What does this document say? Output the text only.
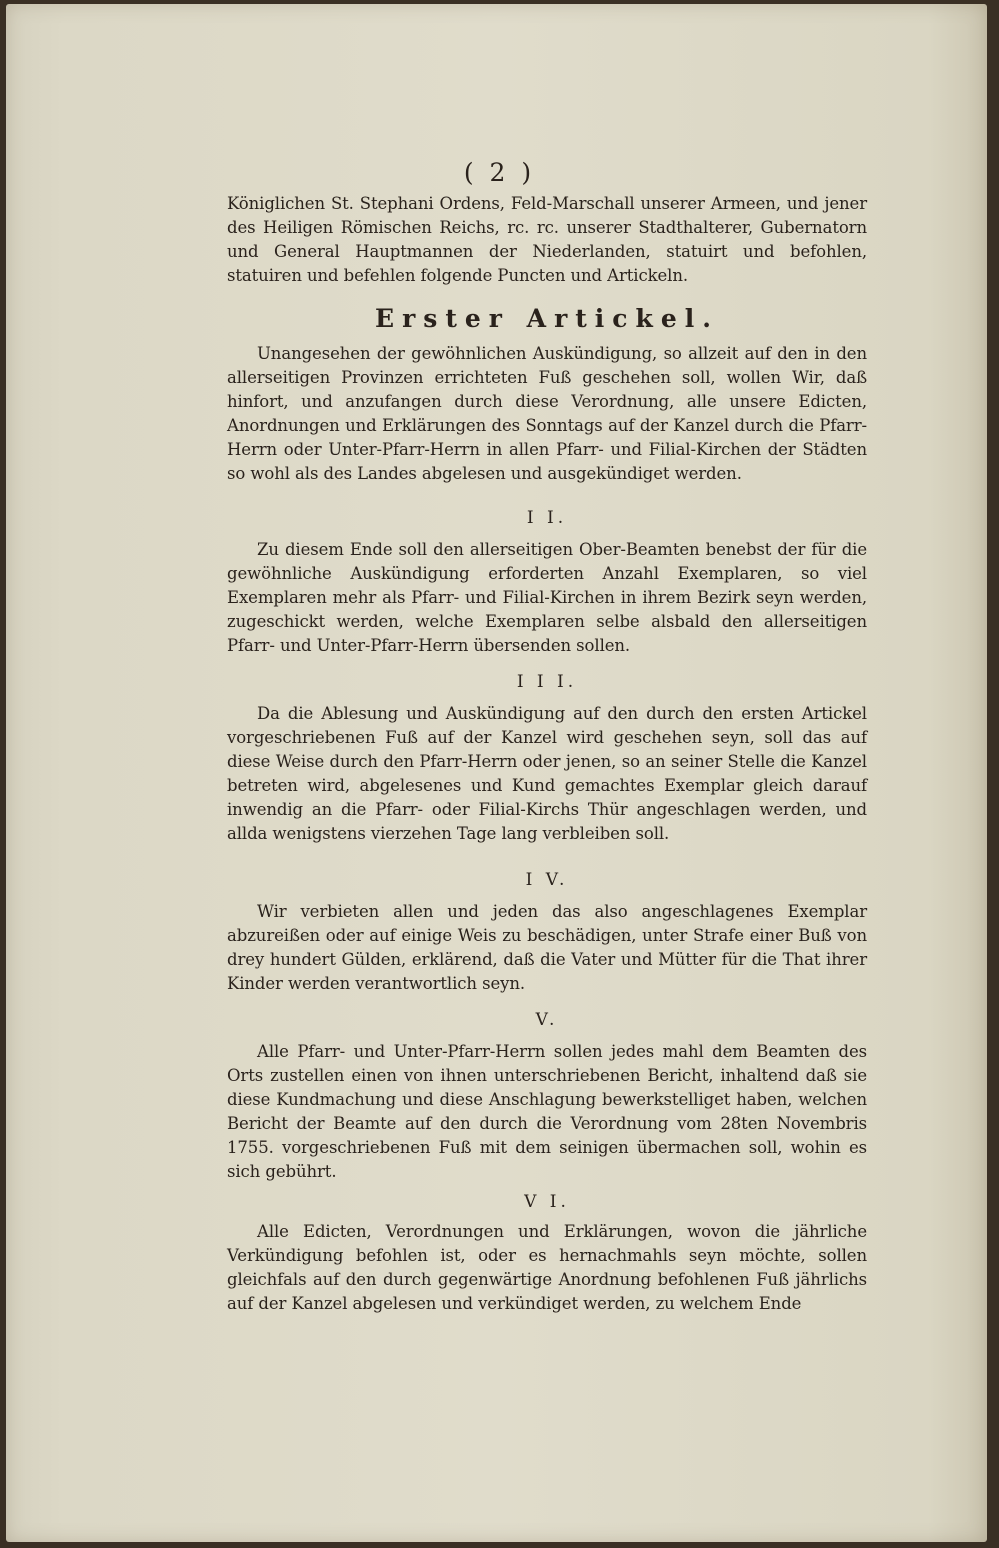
( 2 )

Königlichen St. Stephani Ordens, Feld-Marschall unserer Armeen, und jener des Heiligen Römischen Reichs, rc. rc. unserer Stadthalterer, Gubernatorn und General Hauptmannen der Niederlanden, statuirt und befohlen, statuiren und befehlen folgende Puncten und Artickeln.

Erster Artickel.

Unangesehen der gewöhnlichen Auskündigung, so allzeit auf den in den allerseitigen Provinzen errichteten Fuß geschehen soll, wollen Wir, daß hinfort, und anzufangen durch diese Verordnung, alle unsere Edicten, Anordnungen und Erklärungen des Sonntags auf der Kanzel durch die Pfarr-Herrn oder Unter-Pfarr-Herrn in allen Pfarr- und Filial-Kirchen der Städten so wohl als des Landes abgelesen und ausgekündiget werden.

I I.

Zu diesem Ende soll den allerseitigen Ober-Beamten benebst der für die gewöhnliche Auskündigung erforderten Anzahl Exemplaren, so viel Exemplaren mehr als Pfarr- und Filial-Kirchen in ihrem Bezirk seyn werden, zugeschickt werden, welche Exemplaren selbe alsbald den allerseitigen Pfarr- und Unter-Pfarr-Herrn übersenden sollen.

I I I.

Da die Ablesung und Auskündigung auf den durch den ersten Artickel vorgeschriebenen Fuß auf der Kanzel wird geschehen seyn, soll das auf diese Weise durch den Pfarr-Herrn oder jenen, so an seiner Stelle die Kanzel betreten wird, abgelesenes und Kund gemachtes Exemplar gleich darauf inwendig an die Pfarr- oder Filial-Kirchs Thür angeschlagen werden, und allda wenigstens vierzehen Tage lang verbleiben soll.

I V.

Wir verbieten allen und jeden das also angeschlagenes Exemplar abzureißen oder auf einige Weis zu beschädigen, unter Strafe einer Buß von drey hundert Gülden, erklärend, daß die Vater und Mütter für die That ihrer Kinder werden verantwortlich seyn.

V.

Alle Pfarr- und Unter-Pfarr-Herrn sollen jedes mahl dem Beamten des Orts zustellen einen von ihnen unterschriebenen Bericht, inhaltend daß sie diese Kundmachung und diese Anschlagung bewerkstelliget haben, welchen Bericht der Beamte auf den durch die Verordnung vom 28ten Novembris 1755. vorgeschriebenen Fuß mit dem seinigen übermachen soll, wohin es sich gebührt.

V I.

Alle Edicten, Verordnungen und Erklärungen, wovon die jährliche Verkündigung befohlen ist, oder es hernachmahls seyn möchte, sollen gleichfals auf den durch gegenwärtige Anordnung befohlenen Fuß jährlichs auf der Kanzel abgelesen und verkündiget werden, zu welchem Ende
